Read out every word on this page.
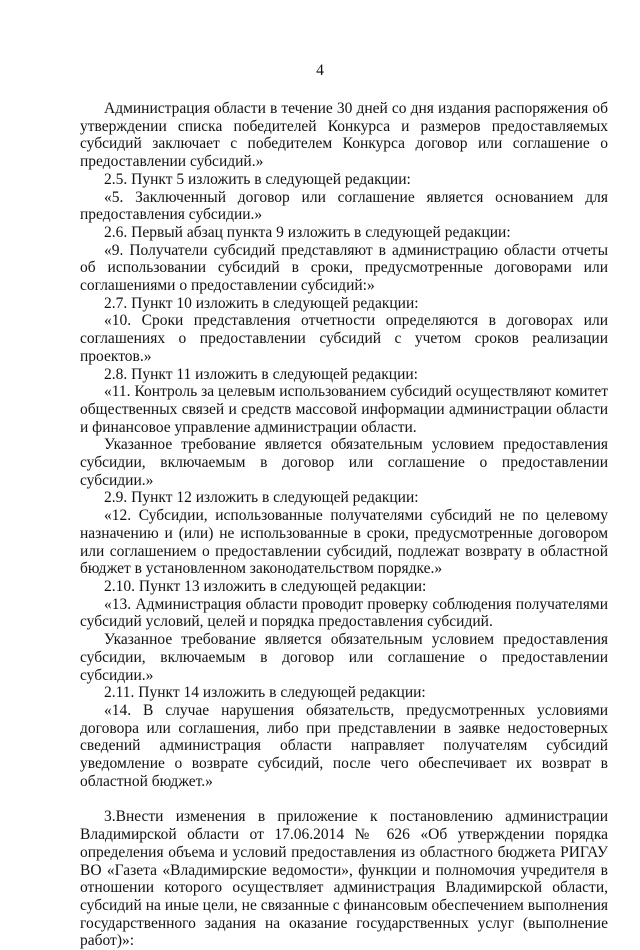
4

Администрация области в течение 30 дней со дня издания распоряжения об утверждении списка победителей Конкурса и размеров предоставляемых субсидий заключает с победителем Конкурса договор или соглашение о предоставлении субсидий.»

2.5. Пункт 5 изложить в следующей редакции:

«5. Заключенный договор или соглашение является основанием для предоставления субсидии.»

2.6. Первый абзац пункта 9 изложить в следующей редакции:

«9. Получатели субсидий представляют в администрацию области отчеты об использовании субсидий в сроки, предусмотренные договорами или соглашениями о предоставлении субсидий:»

2.7. Пункт 10 изложить в следующей редакции:

«10. Сроки представления отчетности определяются в договорах или соглашениях о предоставлении субсидий с учетом сроков реализации проектов.»

2.8. Пункт 11 изложить в следующей редакции:

«11. Контроль за целевым использованием субсидий осуществляют комитет общественных связей и средств массовой информации администрации области и финансовое управление администрации области.

Указанное требование является обязательным условием предоставления субсидии, включаемым в договор или соглашение о предоставлении субсидии.»

2.9. Пункт 12 изложить в следующей редакции:

«12. Субсидии, использованные получателями субсидий не по целевому назначению и (или) не использованные в сроки, предусмотренные договором или соглашением о предоставлении субсидий, подлежат возврату в областной бюджет в установленном законодательством порядке.»

2.10. Пункт 13 изложить в следующей редакции:

«13. Администрация области проводит проверку соблюдения получателями субсидий условий, целей и порядка предоставления субсидий.

Указанное требование является обязательным условием предоставления субсидии, включаемым в договор или соглашение о предоставлении субсидии.»

2.11. Пункт 14 изложить в следующей редакции:

«14. В случае нарушения обязательств, предусмотренных условиями договора или соглашения, либо при представлении в заявке недостоверных сведений администрация области направляет получателям субсидий уведомление о возврате субсидий, после чего обеспечивает их возврат в областной бюджет.»

3.Внести изменения в приложение к постановлению администрации Владимирской области от 17.06.2014 № 626 «Об утверждении порядка определения объема и условий предоставления из областного бюджета РИГАУ ВО «Газета «Владимирские ведомости», функции и полномочия учредителя в отношении которого осуществляет администрация Владимирской области, субсидий на иные цели, не связанные с финансовым обеспечением выполнения государственного задания на оказание государственных услуг (выполнение работ)»:
